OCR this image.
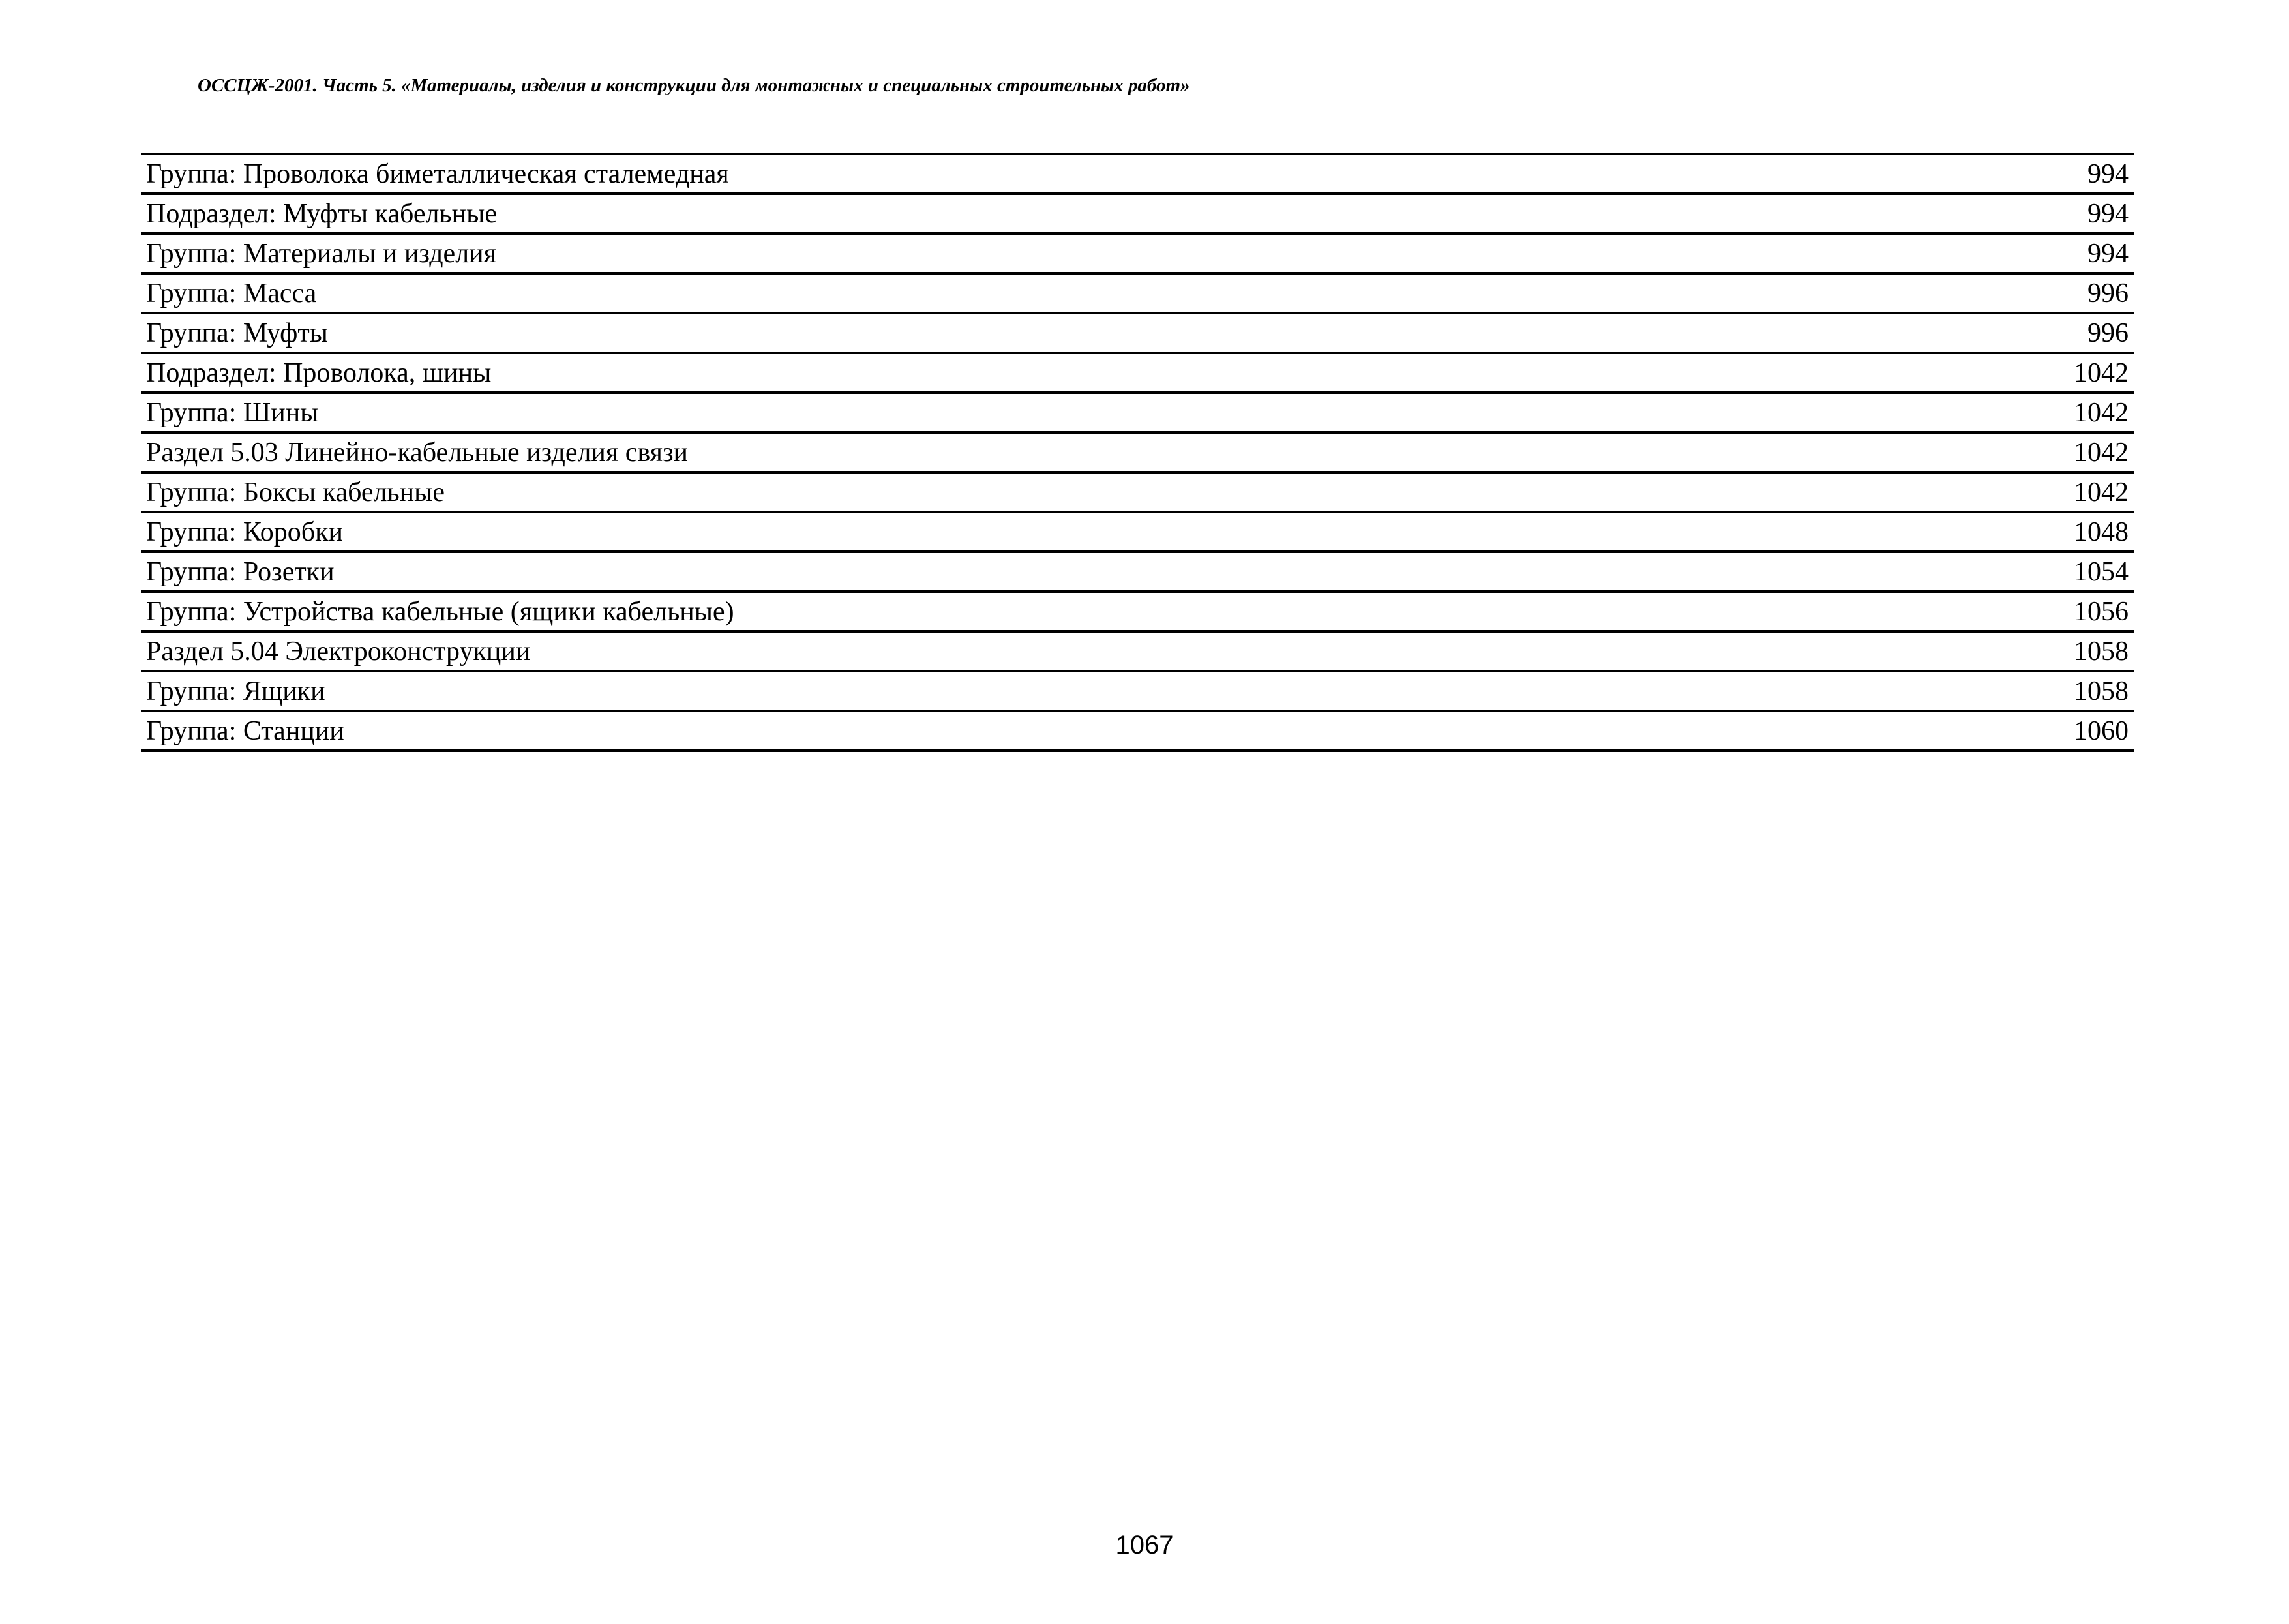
ОССЦЖ-2001. Часть 5. «Материалы, изделия и конструкции для монтажных и специальных строительных работ»
Группа: Проволока биметаллическая сталемедная	994
Подраздел: Муфты кабельные	994
Группа: Материалы и изделия	994
Группа: Масса	996
Группа: Муфты	996
Подраздел: Проволока, шины	1042
Группа: Шины	1042
Раздел 5.03 Линейно-кабельные изделия связи	1042
Группа: Боксы кабельные	1042
Группа: Коробки	1048
Группа: Розетки	1054
Группа: Устройства кабельные (ящики кабельные)	1056
Раздел 5.04 Электроконструкции	1058
Группа: Ящики	1058
Группа: Станции	1060
1067
